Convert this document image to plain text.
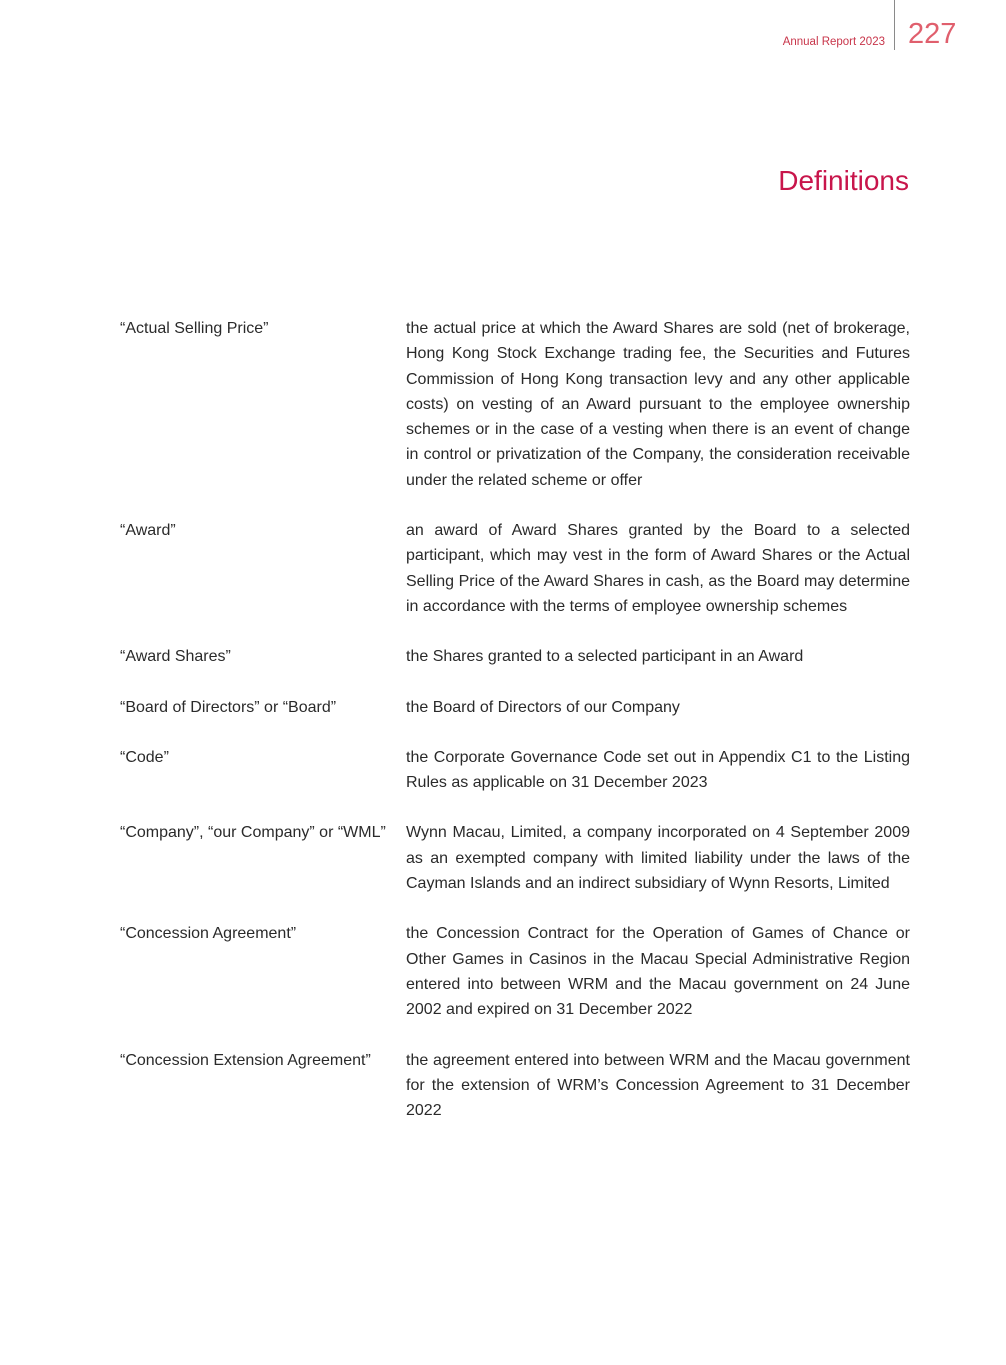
Annual Report 2023 227
Definitions
“Actual Selling Price”	the actual price at which the Award Shares are sold (net of brokerage, Hong Kong Stock Exchange trading fee, the Securities and Futures Commission of Hong Kong transaction levy and any other applicable costs) on vesting of an Award pursuant to the employee ownership schemes or in the case of a vesting when there is an event of change in control or privatization of the Company, the consideration receivable under the related scheme or offer
“Award”	an award of Award Shares granted by the Board to a selected participant, which may vest in the form of Award Shares or the Actual Selling Price of the Award Shares in cash, as the Board may determine in accordance with the terms of employee ownership schemes
“Award Shares”	the Shares granted to a selected participant in an Award
“Board of Directors” or “Board”	the Board of Directors of our Company
“Code”	the Corporate Governance Code set out in Appendix C1 to the Listing Rules as applicable on 31 December 2023
“Company”, “our Company” or “WML”	Wynn Macau, Limited, a company incorporated on 4 September 2009 as an exempted company with limited liability under the laws of the Cayman Islands and an indirect subsidiary of Wynn Resorts, Limited
“Concession Agreement”	the Concession Contract for the Operation of Games of Chance or Other Games in Casinos in the Macau Special Administrative Region entered into between WRM and the Macau government on 24 June 2002 and expired on 31 December 2022
“Concession Extension Agreement”	the agreement entered into between WRM and the Macau government for the extension of WRM’s Concession Agreement to 31 December 2022
